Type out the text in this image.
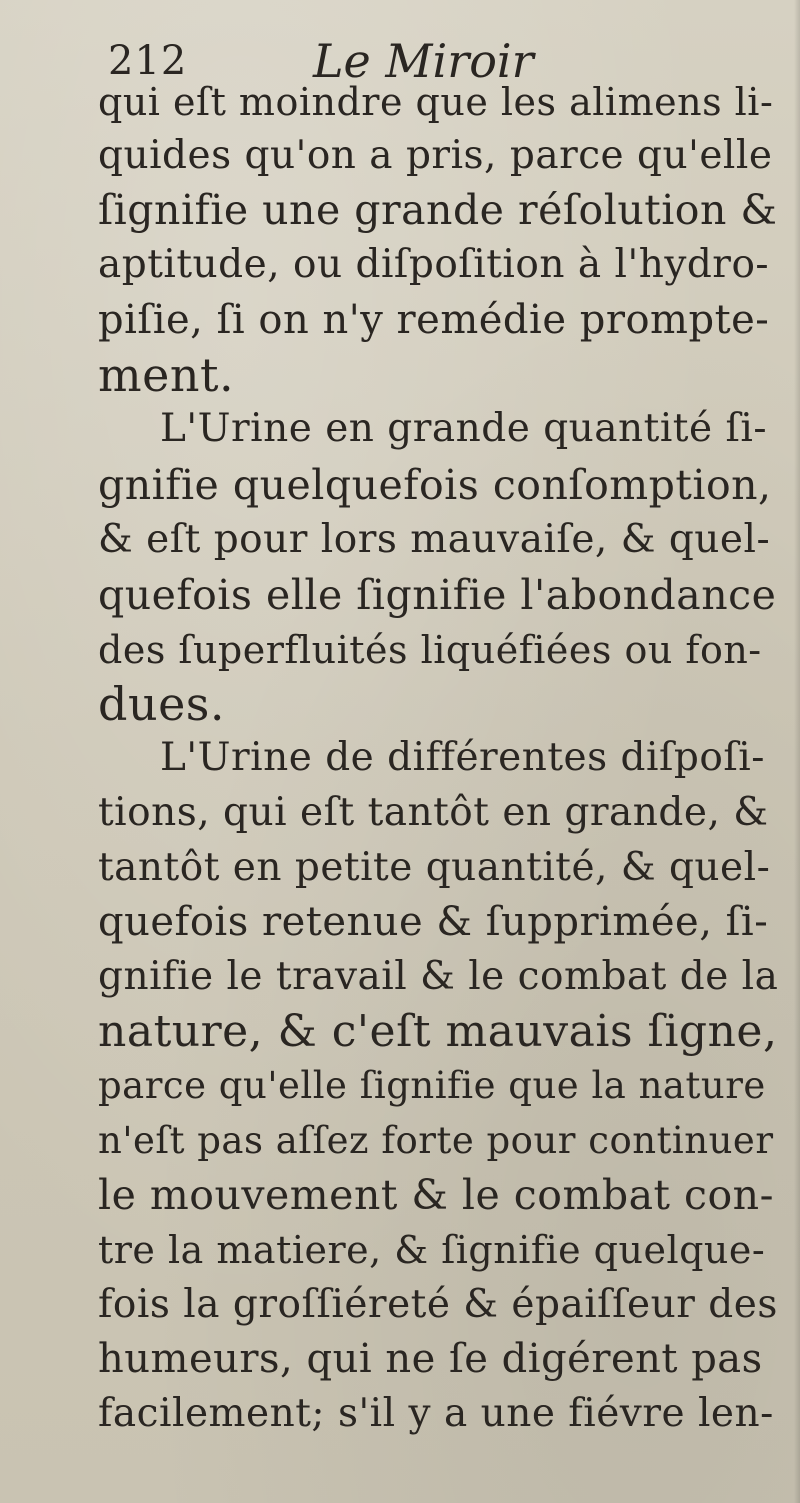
212	Le Miroir
qui eſt moindre que les alimens li-
quides qu'on a pris, parce qu'elle
ſignifie une grande réſolution &
aptitude, ou diſpoſition à l'hydro-
piſie, ſi on n'y remédie prompte-
ment.
L'Urine en grande quantité ſi-
gnifie quelquefois conſomption,
& eſt pour lors mauvaiſe, & quel-
quefois elle ſignifie l'abondance
des ſuperfluités liquéfiées ou fon-
dues.
L'Urine de différentes diſpoſi-
tions, qui eſt tantôt en grande, &
tantôt en petite quantité, & quel-
quefois retenue & ſupprimée, ſi-
gnifie le travail & le combat de la
nature, & c'eſt mauvais ſigne,
parce qu'elle ſignifie que la nature
n'eſt pas aſſez forte pour continuer
le mouvement & le combat con-
tre la matiere, & ſignifie quelque-
fois la groſſiéreté & épaiſſeur des
humeurs, qui ne ſe digérent pas
facilement; s'il y a une fiévre len-
